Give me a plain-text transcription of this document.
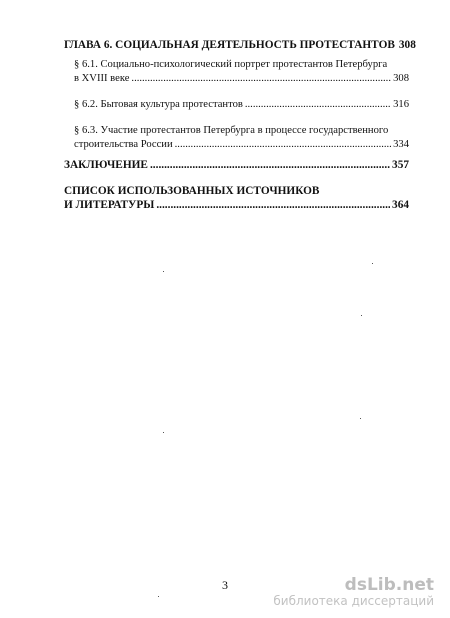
ГЛАВА 6. СОЦИАЛЬНАЯ ДЕЯТЕЛЬНОСТЬ ПРОТЕСТАНТОВ 308
§ 6.1. Социально-психологический портрет протестантов Петербурга
в XVIII веке .....	308
§ 6.2. Бытовая культура протестантов .....	316
§ 6.3. Участие протестантов Петербурга в процессе государственного
строительства России .....	334
ЗАКЛЮЧЕНИЕ .....	357
СПИСОК ИСПОЛЬЗОВАННЫХ ИСТОЧНИКОВ
И ЛИТЕРАТУРЫ .....	364
3	dsLib.net
библиотека диссертаций
